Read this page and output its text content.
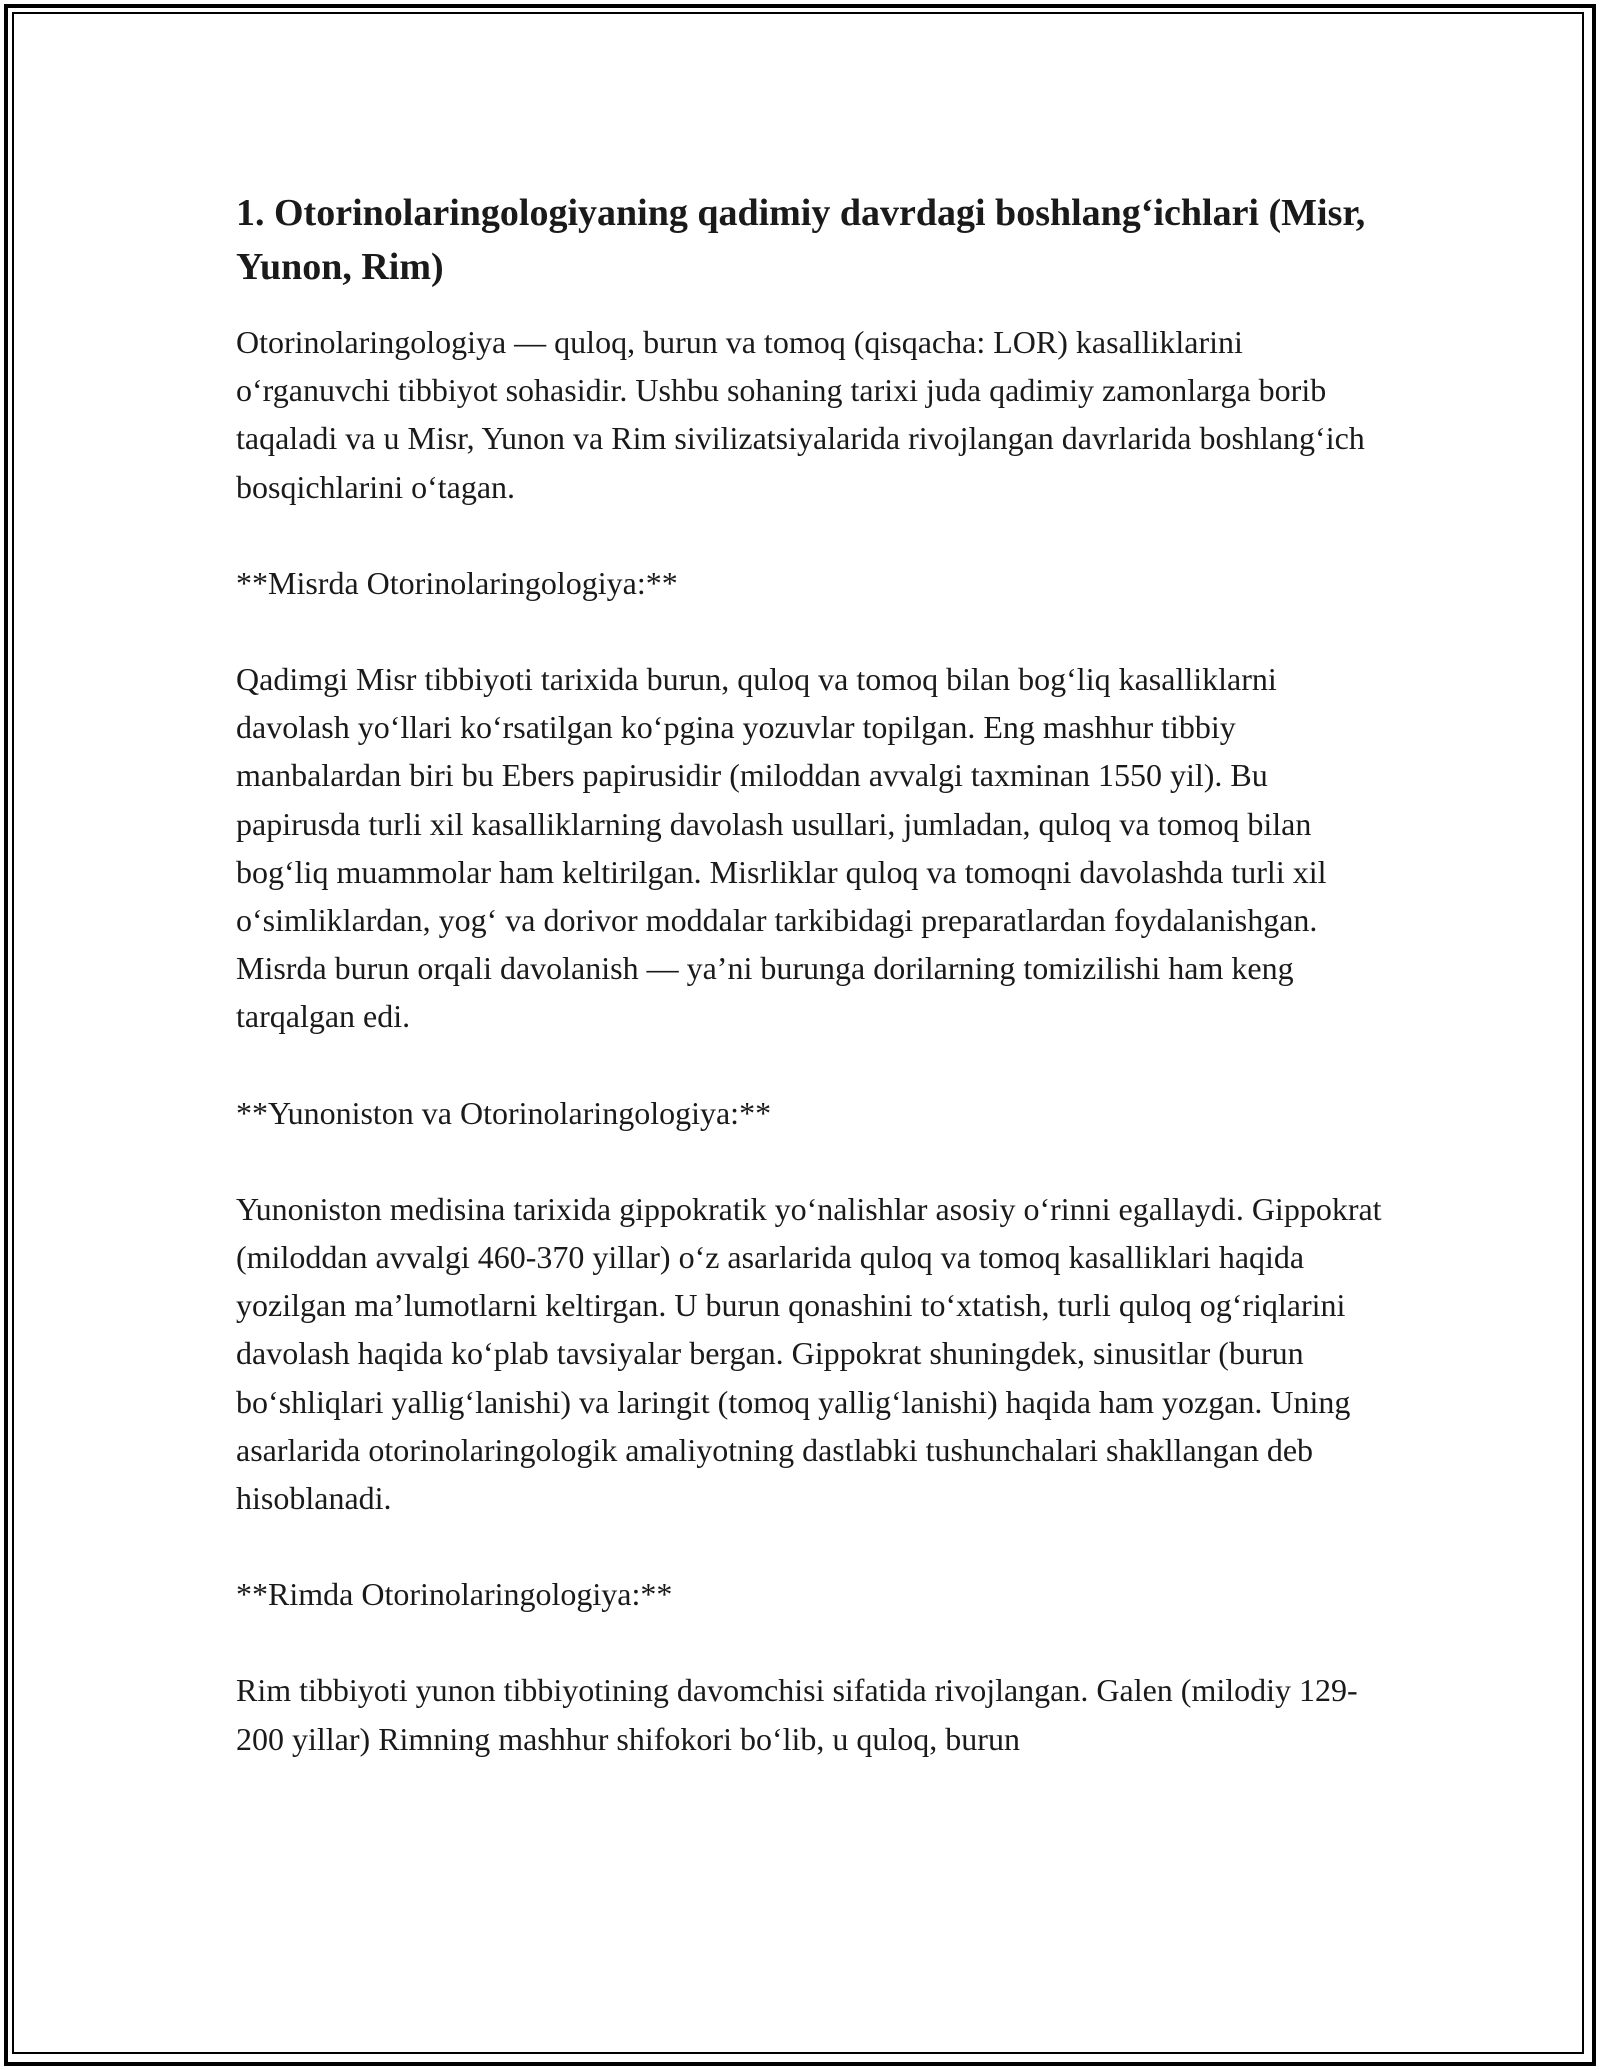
1. Otorinolaringologiyaning qadimiy davrdagi boshlang‘ichlari (Misr, Yunon, Rim)

Otorinolaringologiya — quloq, burun va tomoq (qisqacha: LOR) kasalliklarini o‘rganuvchi tibbiyot sohasidir. Ushbu sohaning tarixi juda qadimiy zamonlarga borib taqaladi va u Misr, Yunon va Rim sivilizatsiyalarida rivojlangan davrlarida boshlang‘ich bosqichlarini o‘tagan.

**Misrda Otorinolaringologiya:**

Qadimgi Misr tibbiyoti tarixida burun, quloq va tomoq bilan bog‘liq kasalliklarni davolash yo‘llari ko‘rsatilgan ko‘pgina yozuvlar topilgan. Eng mashhur tibbiy manbalardan biri bu Ebers papirusidir (miloddan avvalgi taxminan 1550 yil). Bu papirusda turli xil kasalliklarning davolash usullari, jumladan, quloq va tomoq bilan bog‘liq muammolar ham keltirilgan. Misrliklar quloq va tomoqni davolashda turli xil o‘simliklardan, yog‘ va dorivor moddalar tarkibidagi preparatlardan foydalanishgan. Misrda burun orqali davolanish — ya’ni burunga dorilarning tomizilishi ham keng tarqalgan edi.

**Yunoniston va Otorinolaringologiya:**

Yunoniston medisina tarixida gippokratik yo‘nalishlar asosiy o‘rinni egallaydi. Gippokrat (miloddan avvalgi 460-370 yillar) o‘z asarlarida quloq va tomoq kasalliklari haqida yozilgan ma’lumotlarni keltirgan. U burun qonashini to‘xtatish, turli quloq og‘riqlarini davolash haqida ko‘plab tavsiyalar bergan. Gippokrat shuningdek, sinusitlar (burun bo‘shliqlari yallig‘lanishi) va laringit (tomoq yallig‘lanishi) haqida ham yozgan. Uning asarlarida otorinolaringologik amaliyotning dastlabki tushunchalari shakllangan deb hisoblanadi.

**Rimda Otorinolaringologiya:**

Rim tibbiyoti yunon tibbiyotining davomchisi sifatida rivojlangan. Galen (milodiy 129-200 yillar) Rimning mashhur shifokori bo‘lib, u quloq, burun
